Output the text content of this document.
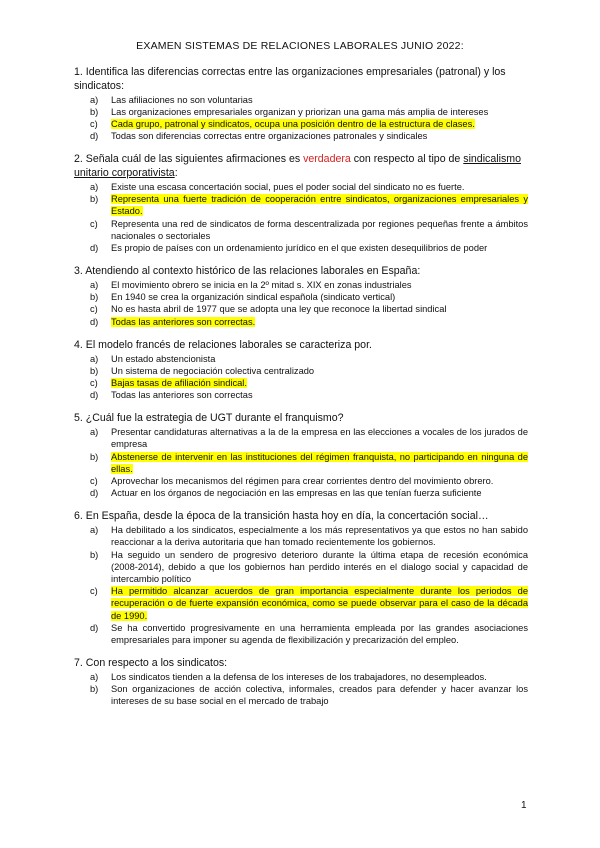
EXAMEN SISTEMAS DE RELACIONES LABORALES JUNIO 2022:
1. Identifica las diferencias correctas entre las organizaciones empresariales (patronal) y los sindicatos:
a)	Las afiliaciones no son voluntarias
b)	Las organizaciones empresariales organizan y priorizan una gama más amplia de intereses
c)	Cada grupo, patronal y sindicatos, ocupa una posición dentro de la estructura de clases.
d)	Todas son diferencias correctas entre organizaciones patronales y sindicales
2. Señala cuál de las siguientes afirmaciones es verdadera con respecto al tipo de sindicalismo unitario corporativista:
a)	Existe una escasa concertación social, pues el poder social del sindicato no es fuerte.
b)	Representa una fuerte tradición de cooperación entre sindicatos, organizaciones empresariales y Estado.
c)	Representa una red de sindicatos de forma descentralizada por regiones pequeñas frente a ámbitos nacionales o sectoriales
d)	Es propio de países con un ordenamiento jurídico en el que existen desequilibrios de poder
3. Atendiendo al contexto histórico de las relaciones laborales en España:
a)	El movimiento obrero se inicia en la 2º mitad s. XIX en zonas industriales
b)	En 1940 se crea la organización sindical española (sindicato vertical)
c)	No es hasta abril de 1977 que se adopta una ley que reconoce la libertad sindical
d)	Todas las anteriores son correctas.
4. El modelo francés de relaciones laborales se caracteriza por.
a)	Un estado abstencionista
b)	Un sistema de negociación colectiva centralizado
c)	Bajas tasas de afiliación sindical.
d)	Todas las anteriores son correctas
5. ¿Cuál fue la estrategia de UGT durante el franquismo?
a)	Presentar candidaturas alternativas a la de la empresa en las elecciones a vocales de los jurados de empresa
b)	Abstenerse de intervenir en las instituciones del régimen franquista, no participando en ninguna de ellas.
c)	Aprovechar los mecanismos del régimen para crear corrientes dentro del movimiento obrero.
d)	Actuar en los órganos de negociación en las empresas en las que tenían fuerza suficiente
6. En España, desde la época de la transición hasta hoy en día, la concertación social…
a)	Ha debilitado a los sindicatos, especialmente a los más representativos ya que estos no han sabido reaccionar a la deriva autoritaria que han tomado recientemente los gobiernos.
b)	Ha seguido un sendero de progresivo deterioro durante la última etapa de recesión económica (2008-2014), debido a que los gobiernos han perdido interés en el dialogo social y capacidad de intercambio político
c)	Ha permitido alcanzar acuerdos de gran importancia especialmente durante los periodos de recuperación o de fuerte expansión económica, como se puede observar para el caso de la década de 1990.
d)	Se ha convertido progresivamente en una herramienta empleada por las grandes asociaciones empresariales para imponer su agenda de flexibilización y precarización del empleo.
7. Con respecto a los sindicatos:
a)	Los sindicatos tienden a la defensa de los intereses de los trabajadores, no desempleados.
b)	Son organizaciones de acción colectiva, informales, creados para defender y hacer avanzar los intereses de su base social en el mercado de trabajo
1
